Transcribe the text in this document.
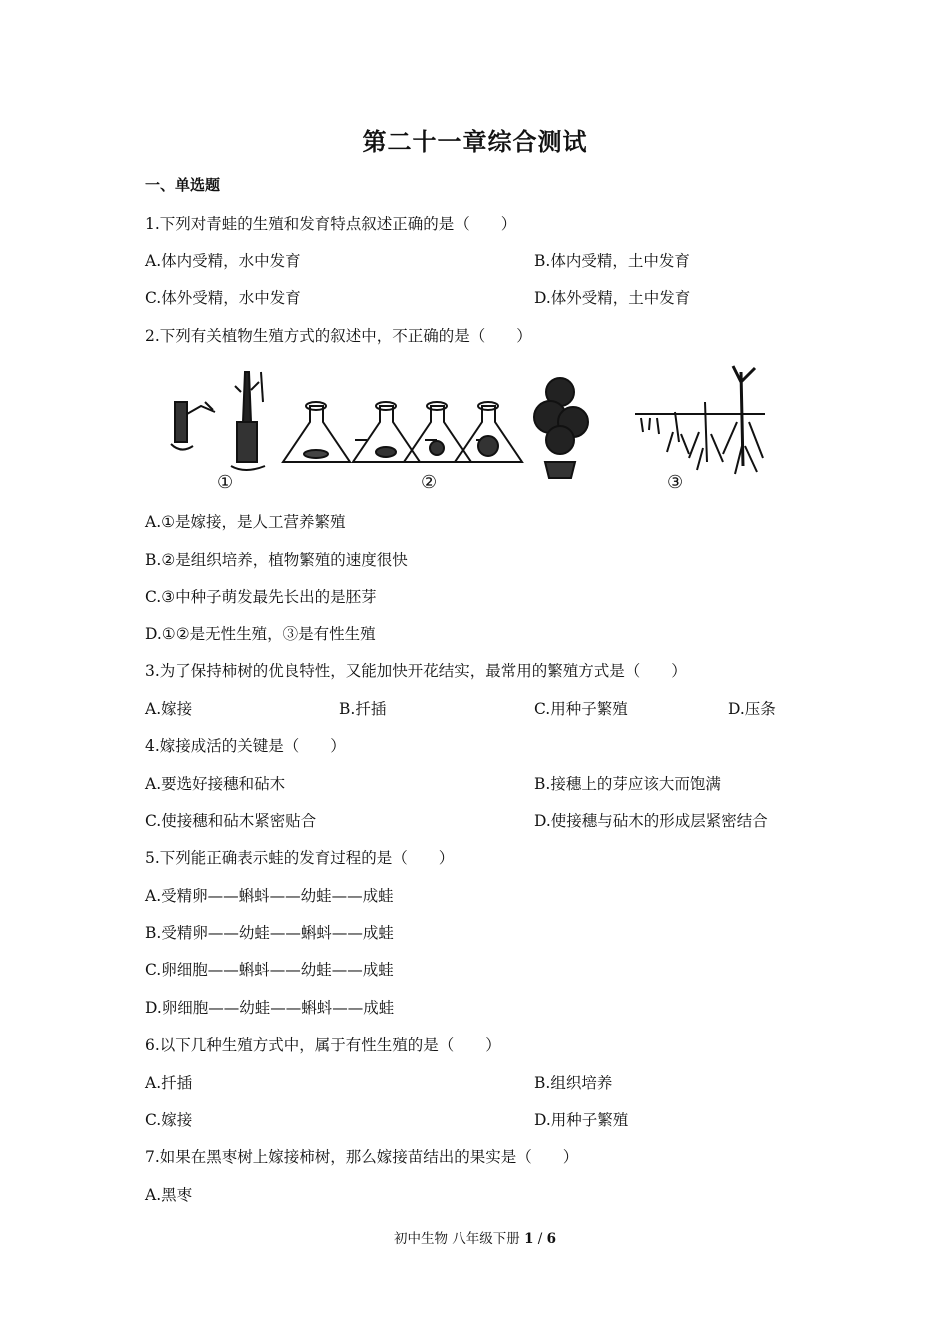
第二十一章综合测试
一、单选题
1.下列对青蛙的生殖和发育特点叙述正确的是（　　）
A.体内受精，水中发育	B.体内受精，土中发育
C.体外受精，水中发育	D.体外受精，土中发育
2.下列有关植物生殖方式的叙述中，不正确的是（　　）
①	②	③
A.①是嫁接，是人工营养繁殖
B.②是组织培养，植物繁殖的速度很快
C.③中种子萌发最先长出的是胚芽
D.①②是无性生殖，③是有性生殖
3.为了保持柿树的优良特性，又能加快开花结实，最常用的繁殖方式是（　　）
A.嫁接	B.扦插	C.用种子繁殖	D.压条
4.嫁接成活的关键是（　　）
A.要选好接穗和砧木	B.接穗上的芽应该大而饱满
C.使接穗和砧木紧密贴合	D.使接穗与砧木的形成层紧密结合
5.下列能正确表示蛙的发育过程的是（　　）
A.受精卵——蝌蚪——幼蛙——成蛙
B.受精卵——幼蛙——蝌蚪——成蛙
C.卵细胞——蝌蚪——幼蛙——成蛙
D.卵细胞——幼蛙——蝌蚪——成蛙
6.以下几种生殖方式中，属于有性生殖的是（　　）
A.扦插	B.组织培养
C.嫁接	D.用种子繁殖
7.如果在黑枣树上嫁接柿树，那么嫁接苗结出的果实是（　　）
A.黑枣
初中生物 八年级下册 1 / 6
